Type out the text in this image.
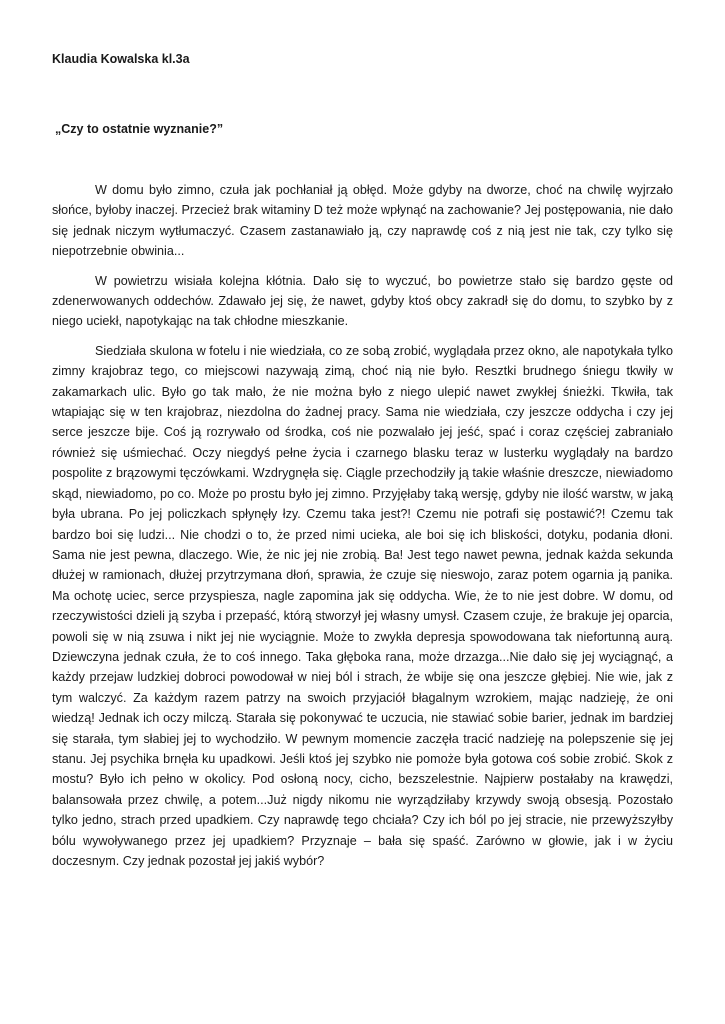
Klaudia Kowalska kl.3a

„Czy to ostatnie wyznanie?”

W domu było zimno, czuła jak pochłaniał ją obłęd. Może gdyby na dworze, choć na chwilę wyjrzało słońce, byłoby inaczej. Przecież brak witaminy D też może wpłynąć na zachowanie? Jej postępowania, nie dało się jednak niczym wytłumaczyć. Czasem zastanawiało ją, czy naprawdę coś z nią jest nie tak, czy tylko się niepotrzebnie obwinia...

W powietrzu wisiała kolejna kłótnia. Dało się to wyczuć, bo powietrze stało się bardzo gęste od zdenerwowanych oddechów. Zdawało jej się, że nawet, gdyby ktoś obcy zakradł się do domu, to szybko by z niego uciekł, napotykając na tak chłodne mieszkanie.

Siedziała skulona w fotelu i nie wiedziała, co ze sobą zrobić, wyglądała przez okno, ale napotykała tylko zimny krajobraz tego, co miejscowi nazywają zimą, choć nią nie było. Resztki brudnego śniegu tkwiły w zakamarkach ulic. Było go tak mało, że nie można było z niego ulepić nawet zwykłej śnieżki. Tkwiła, tak wtapiając się w ten krajobraz, niezdolna do żadnej pracy. Sama nie wiedziała, czy jeszcze oddycha i czy jej serce jeszcze bije. Coś ją rozrywało od środka, coś nie pozwalało jej jeść, spać i coraz częściej zabraniało również się uśmiechać. Oczy niegdyś pełne życia i czarnego blasku teraz w lusterku wyglądały na bardzo pospolite z brązowymi tęczówkami. Wzdrygnęła się. Ciągle przechodziły ją takie właśnie dreszcze, niewiadomo skąd, niewiadomo, po co. Może po prostu było jej zimno. Przyjęłaby taką wersję, gdyby nie ilość warstw, w jaką była ubrana. Po jej policzkach spłynęły łzy. Czemu taka jest?! Czemu nie potrafi się postawić?! Czemu tak bardzo boi się ludzi... Nie chodzi o to, że przed nimi ucieka, ale boi się ich bliskości, dotyku, podania dłoni. Sama nie jest pewna, dlaczego. Wie, że nic jej nie zrobią. Ba! Jest tego nawet pewna, jednak każda sekunda dłużej w ramionach, dłużej przytrzymana dłoń, sprawia, że czuje się nieswojo, zaraz potem ogarnia ją panika. Ma ochotę uciec, serce przyspiesza, nagle zapomina jak się oddycha. Wie, że to nie jest dobre. W domu, od rzeczywistości dzieli ją szyba i przepaść, którą stworzył jej własny umysł. Czasem czuje, że brakuje jej oparcia, powoli się w nią zsuwa i nikt jej nie wyciągnie. Może to zwykła depresja spowodowana tak niefortunną aurą. Dziewczyna jednak czuła, że to coś innego. Taka głęboka rana, może drzazga...Nie dało się jej wyciągnąć, a każdy przejaw ludzkiej dobroci powodował w niej ból i strach, że wbije się ona jeszcze głębiej. Nie wie, jak z tym walczyć. Za każdym razem patrzy na swoich przyjaciół błagalnym wzrokiem, mając nadzieję, że oni wiedzą! Jednak ich oczy milczą. Starała się pokonywać te uczucia, nie stawiać sobie barier, jednak im bardziej się starała, tym słabiej jej to wychodziło. W pewnym momencie zaczęła tracić nadzieję na polepszenie się jej stanu. Jej psychika brnęła ku upadkowi. Jeśli ktoś jej szybko nie pomoże była gotowa coś sobie zrobić. Skok z mostu? Było ich pełno w okolicy. Pod osłoną nocy, cicho, bezszelestnie. Najpierw postałaby na krawędzi, balansowała przez chwilę, a potem...Już nigdy nikomu nie wyrządziłaby krzywdy swoją obsesją. Pozostało tylko jedno, strach przed upadkiem. Czy naprawdę tego chciała? Czy ich ból po jej stracie, nie przewyższyłby bólu wywoływanego przez jej upadkiem? Przyznaje – bała się spaść. Zarówno w głowie, jak i w życiu doczesnym. Czy jednak pozostał jej jakiś wybór?
